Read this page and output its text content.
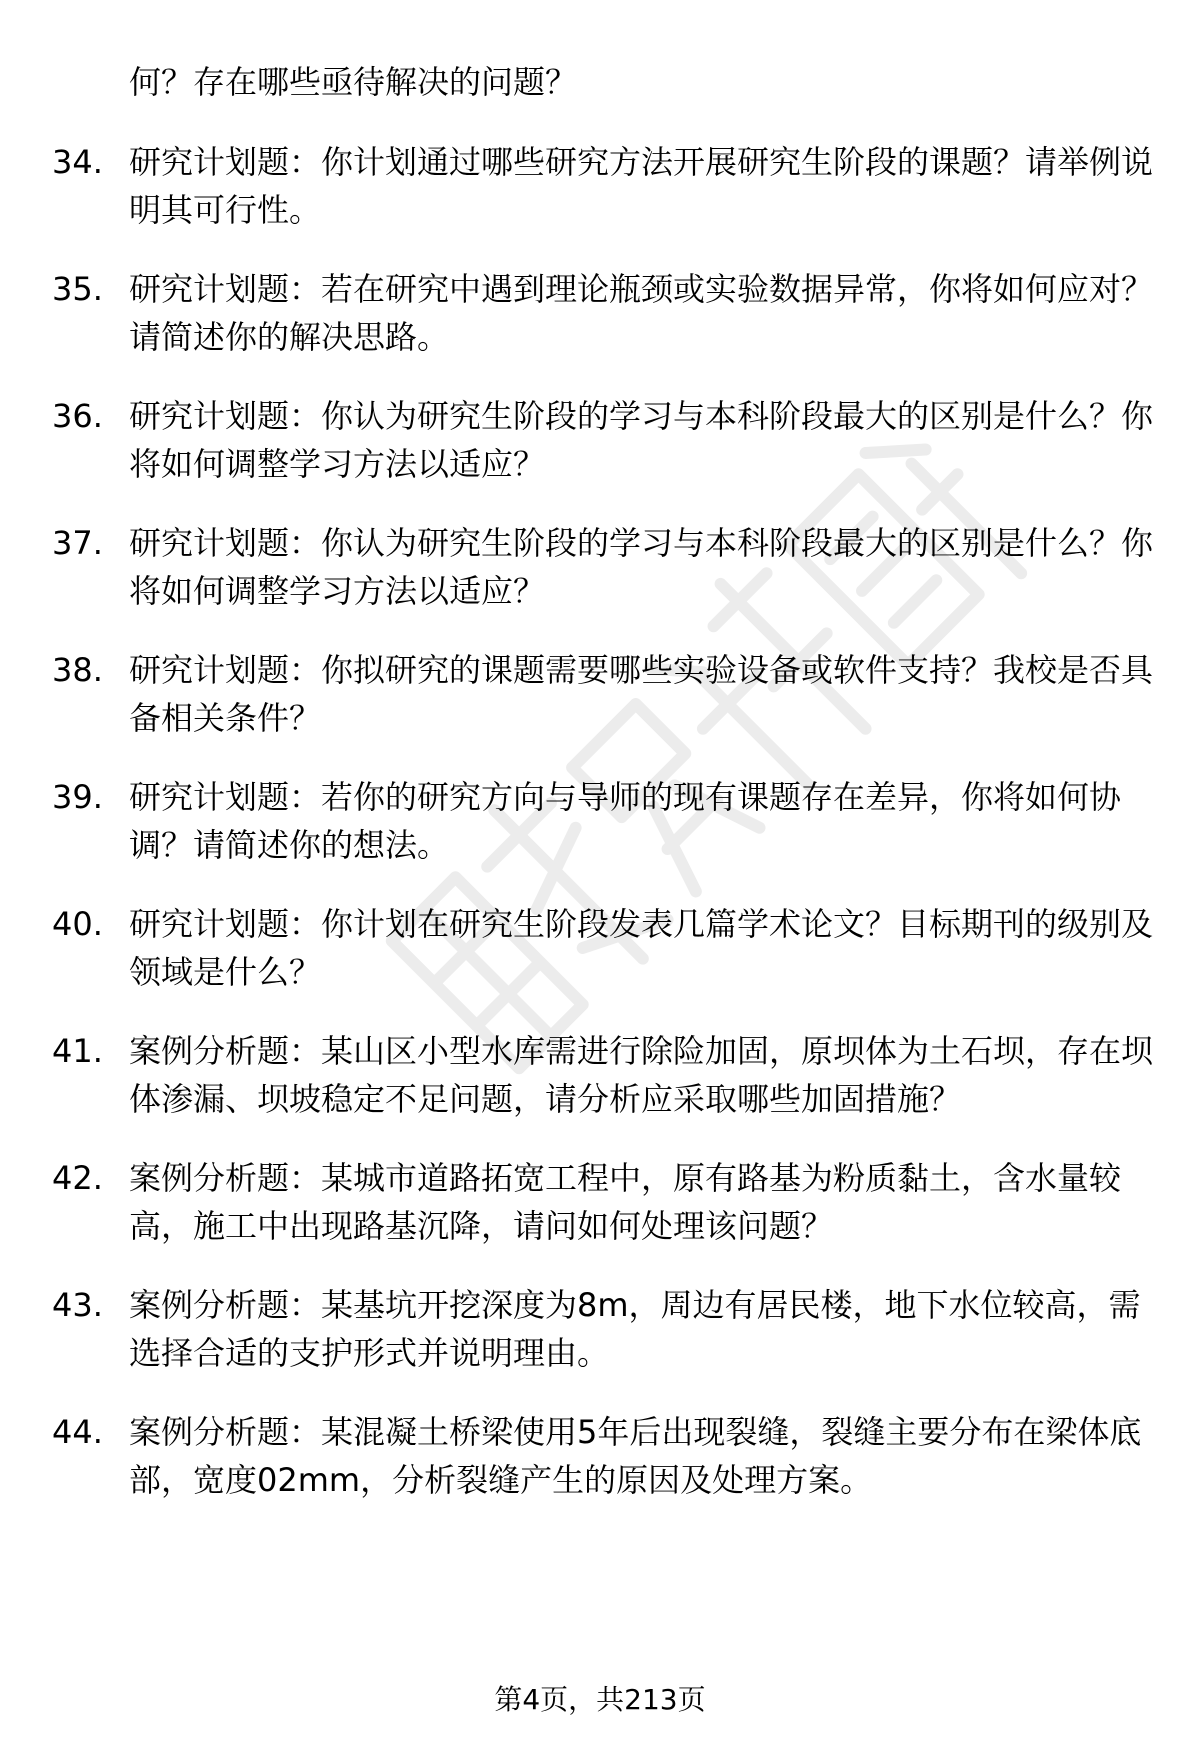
何？存在哪些亟待解决的问题？
34. 研究计划题：你计划通过哪些研究方法开展研究生阶段的课题？请举例说明其可行性。
35. 研究计划题：若在研究中遇到理论瓶颈或实验数据异常，你将如何应对？请简述你的解决思路。
36. 研究计划题：你认为研究生阶段的学习与本科阶段最大的区别是什么？你将如何调整学习方法以适应？
37. 研究计划题：你认为研究生阶段的学习与本科阶段最大的区别是什么？你将如何调整学习方法以适应？
38. 研究计划题：你拟研究的课题需要哪些实验设备或软件支持？我校是否具备相关条件？
39. 研究计划题：若你的研究方向与导师的现有课题存在差异，你将如何协调？请简述你的想法。
40. 研究计划题：你计划在研究生阶段发表几篇学术论文？目标期刊的级别及领域是什么？
41. 案例分析题：某山区小型水库需进行除险加固，原坝体为土石坝，存在坝体渗漏、坝坡稳定不足问题，请分析应采取哪些加固措施？
42. 案例分析题：某城市道路拓宽工程中，原有路基为粉质黏土，含水量较高，施工中出现路基沉降，请问如何处理该问题？
43. 案例分析题：某基坑开挖深度为8m，周边有居民楼，地下水位较高，需选择合适的支护形式并说明理由。
44. 案例分析题：某混凝土桥梁使用5年后出现裂缝，裂缝主要分布在梁体底部，宽度02mm，分析裂缝产生的原因及处理方案。
第4页，共213页
